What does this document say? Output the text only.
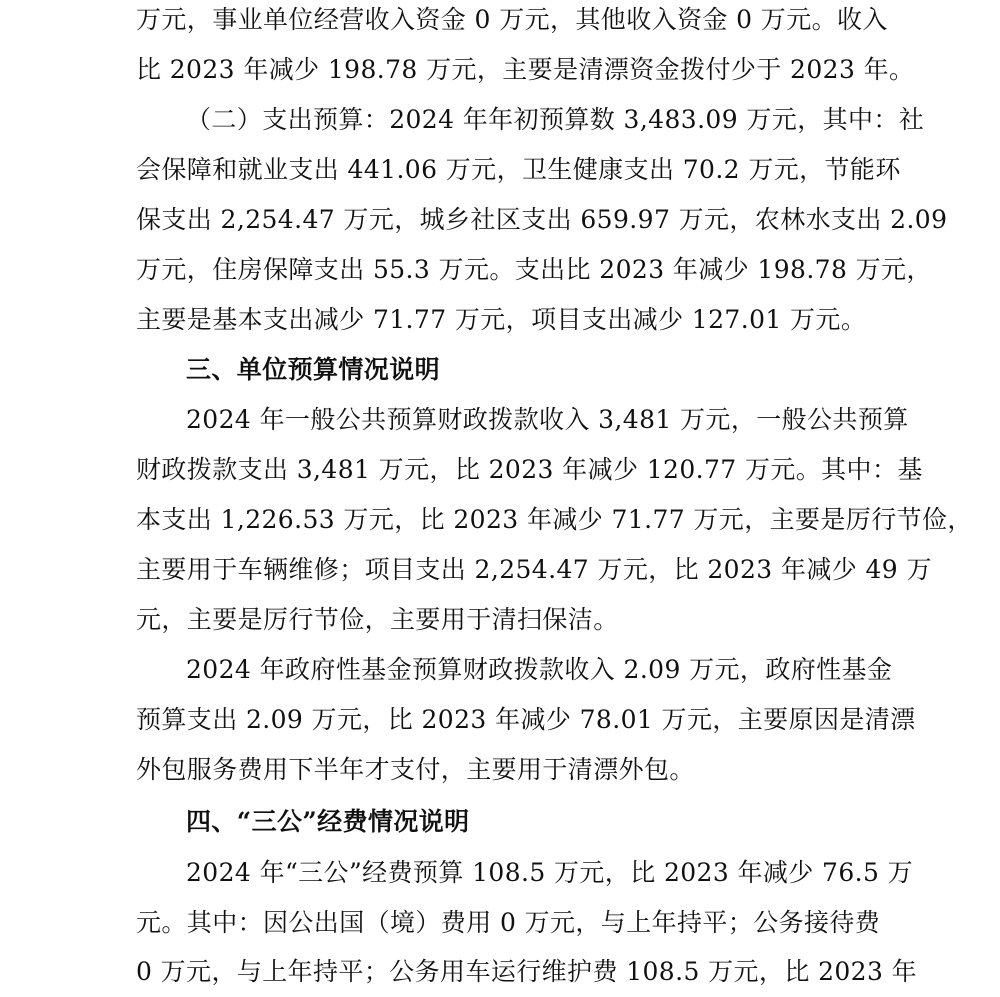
万元，事业单位经营收入资金 0 万元，其他收入资金 0 万元。收入
比 2023 年减少 198.78 万元，主要是清漂资金拨付少于 2023 年。
（二）支出预算：2024 年年初预算数 3,483.09 万元，其中：社
会保障和就业支出 441.06 万元，卫生健康支出 70.2 万元，节能环
保支出 2,254.47 万元，城乡社区支出 659.97 万元，农林水支出 2.09
万元，住房保障支出 55.3 万元。支出比 2023 年减少 198.78 万元，
主要是基本支出减少 71.77 万元，项目支出减少 127.01 万元。
三、单位预算情况说明
2024 年一般公共预算财政拨款收入 3,481 万元，一般公共预算
财政拨款支出 3,481 万元，比 2023 年减少 120.77 万元。其中：基
本支出 1,226.53 万元，比 2023 年减少 71.77 万元，主要是厉行节俭，
主要用于车辆维修；项目支出 2,254.47 万元，比 2023 年减少 49 万
元，主要是厉行节俭，主要用于清扫保洁。
2024 年政府性基金预算财政拨款收入 2.09 万元，政府性基金
预算支出 2.09 万元，比 2023 年减少 78.01 万元，主要原因是清漂
外包服务费用下半年才支付，主要用于清漂外包。
四、“三公”经费情况说明
2024 年“三公”经费预算 108.5 万元，比 2023 年减少 76.5 万
元。其中：因公出国（境）费用 0 万元，与上年持平；公务接待费
0 万元，与上年持平；公务用车运行维护费 108.5 万元，比 2023 年
